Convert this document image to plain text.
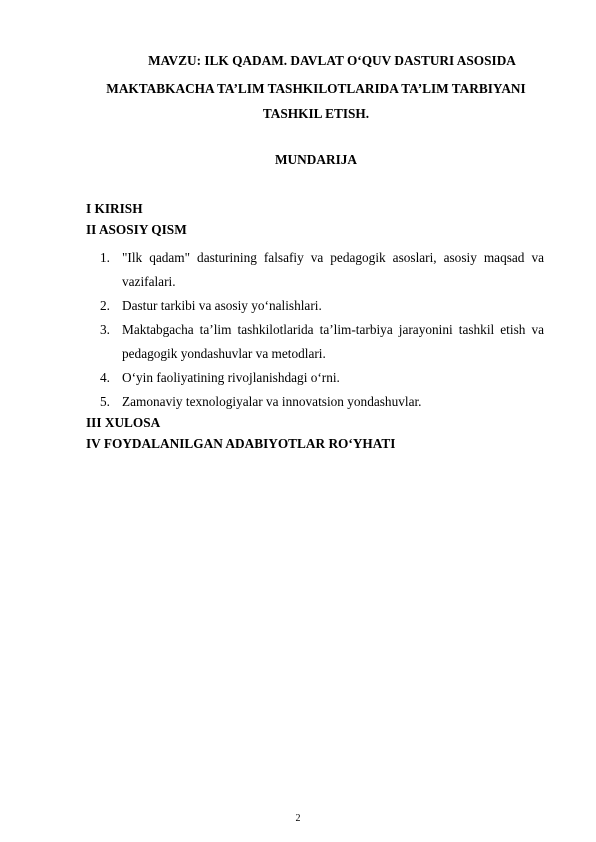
MAVZU: ILK QADAM. DAVLAT O‘QUV DASTURI ASOSIDA
MAKTABKACHA TA’LIM TASHKILOTLARIDA TA’LIM TARBIYANI
TASHKIL ETISH.
MUNDARIJA
I KIRISH
II ASOSIY QISM
1. "Ilk qadam" dasturining falsafiy va pedagogik asoslari, asosiy maqsad va
vazifalari.
2. Dastur tarkibi va asosiy yo‘nalishlari.
3. Maktabgacha ta’lim tashkilotlarida ta’lim-tarbiya jarayonini tashkil etish va
pedagogik yondashuvlar va metodlari.
4. O‘yin faoliyatining rivojlanishdagi o‘rni.
5. Zamonaviy texnologiyalar va innovatsion yondashuvlar.
III XULOSA
IV FOYDALANILGAN ADABIYOTLAR RO‘YHATI
2
